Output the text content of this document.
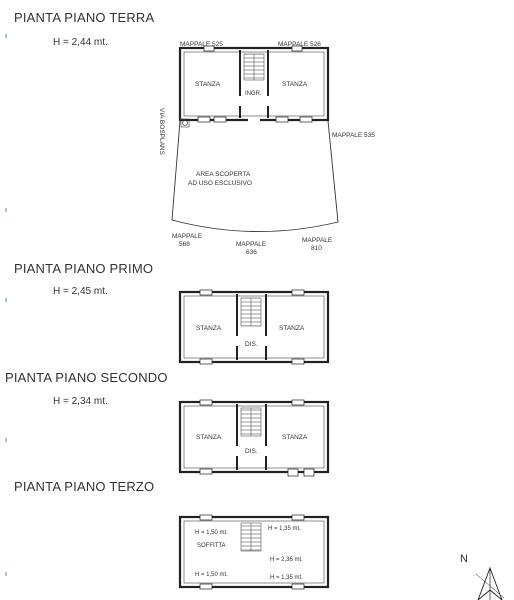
PIANTA PIANO TERRA
H = 2,44 mt.
PIANTA PIANO PRIMO
H = 2,45 mt.
PIANTA PIANO SECONDO
H = 2,34 mt.
PIANTA PIANO TERZO
STANZA	STANZA
INGR.
MAPPALE 525	MAPPALE 526
MAPPALE 535
VIA BOSPLANS
AREA SCOPERTA
AD USO ESCLUSIVO
MAPPALE
568	MAPPALE
636
MAPPALE
810
STANZA	STANZA
DIS.
STANZA	STANZA
DIS.
H = 1,50 mt.
H = 1,35 mt.
SOFFITTA
H = 2,36 mt.
H = 1,50 mt.	H = 1,35 mt.
N
